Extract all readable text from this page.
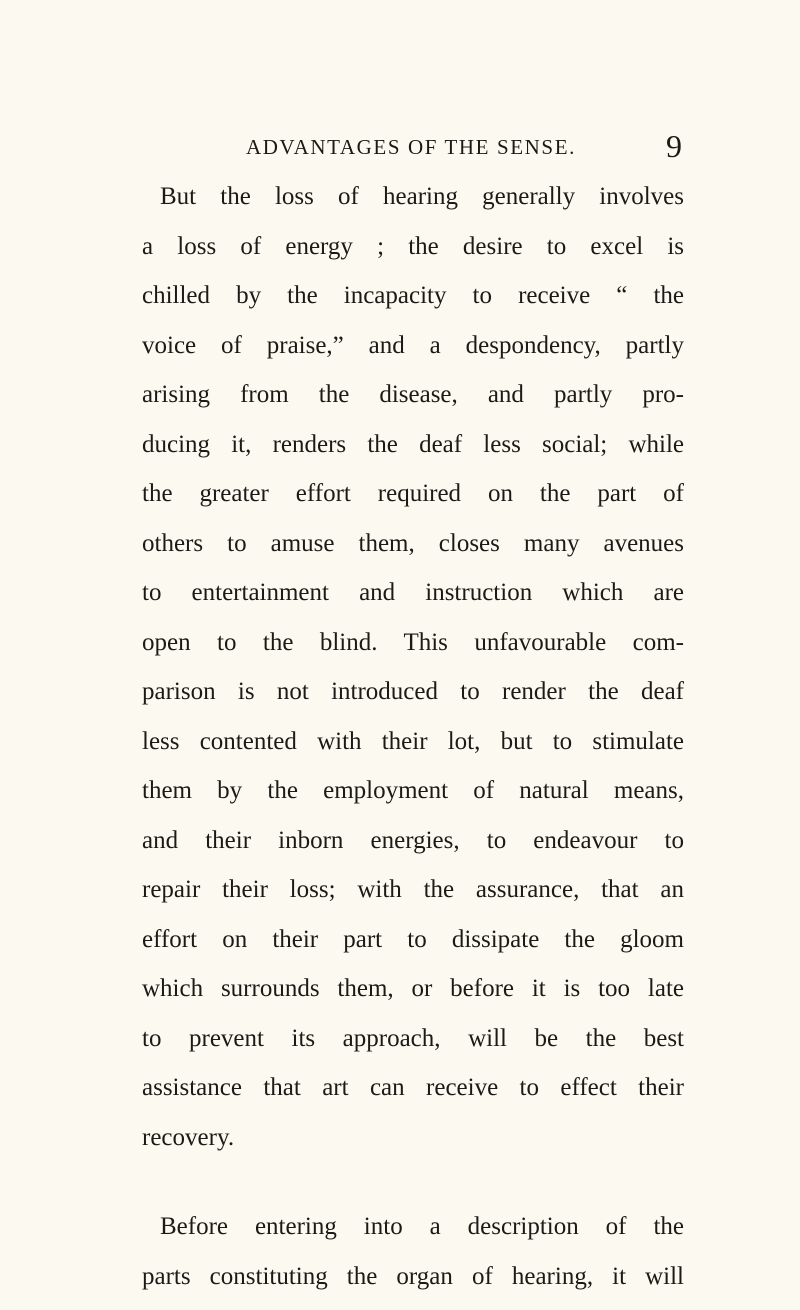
ADVANTAGES OF THE SENSE.	9
But the loss of hearing generally involves
a loss of energy ; the desire to excel is
chilled by the incapacity to receive “ the
voice of praise,” and a despondency, partly
arising from the disease, and partly pro-
ducing it, renders the deaf less social; while
the greater effort required on the part of
others to amuse them, closes many avenues
to entertainment and instruction which are
open to the blind. This unfavourable com-
parison is not introduced to render the deaf
less contented with their lot, but to stimulate
them by the employment of natural means,
and their inborn energies, to endeavour to
repair their loss; with the assurance, that an
effort on their part to dissipate the gloom
which surrounds them, or before it is too late
to prevent its approach, will be the best
assistance that art can receive to effect their
recovery.
Before entering into a description of the
parts constituting the organ of hearing, it will
